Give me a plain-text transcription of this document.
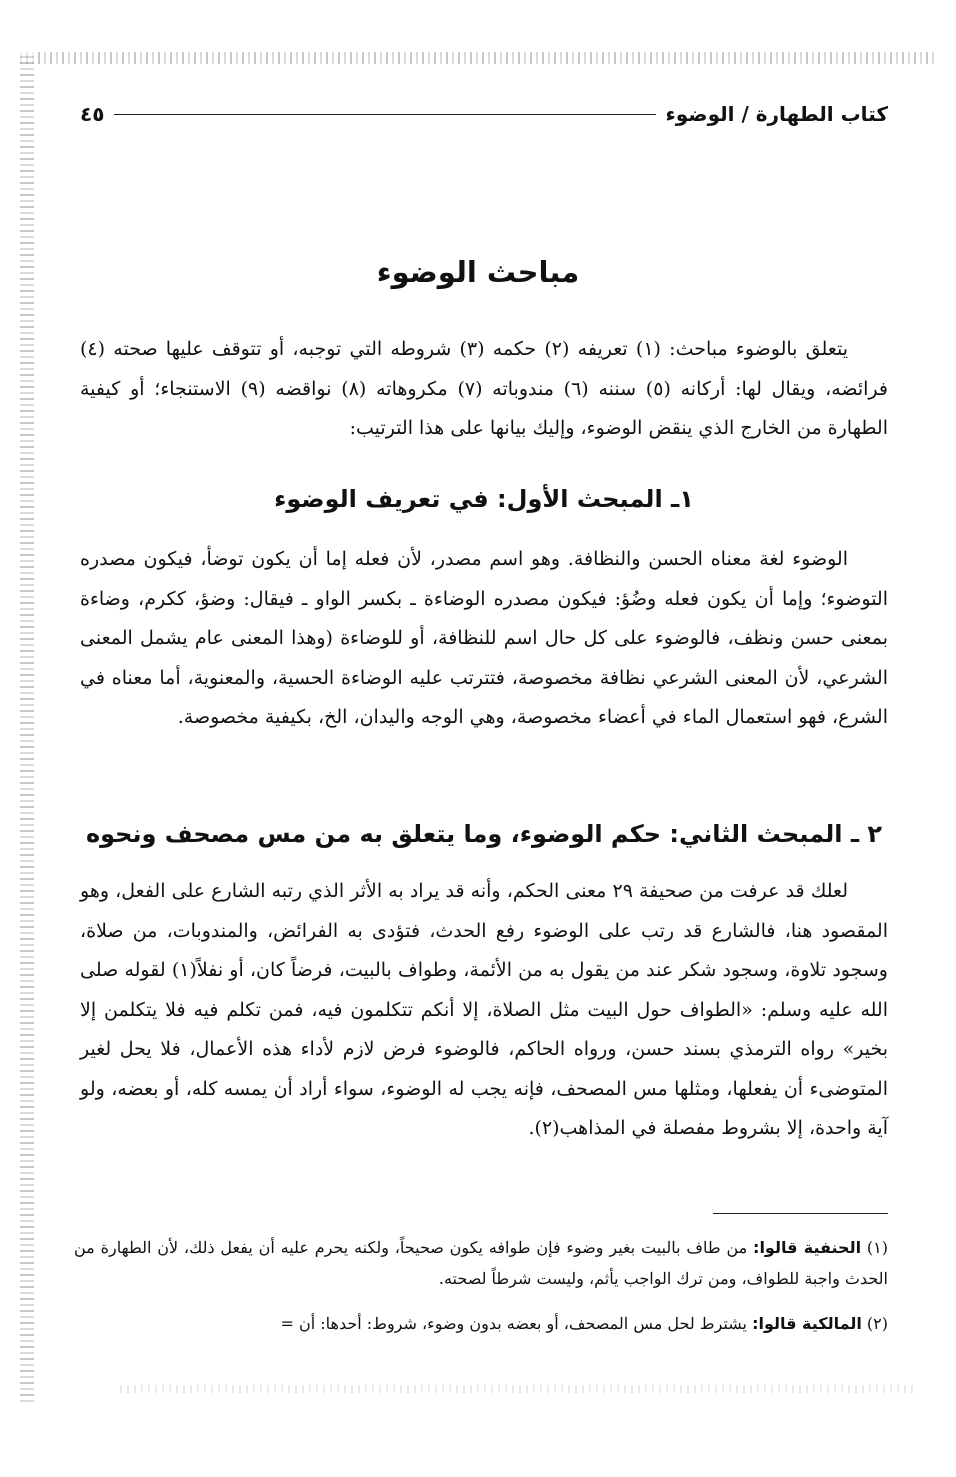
كتاب الطهارة / الوضوء
٤٥
مباحث الوضوء
يتعلق بالوضوء مباحث: (١) تعريفه (٢) حكمه (٣) شروطه التي توجبه، أو تتوقف عليها صحته (٤) فرائضه، ويقال لها: أركانه (٥) سننه (٦) مندوباته (٧) مكروهاته (٨) نواقضه (٩) الاستنجاء؛ أو كيفية الطهارة من الخارج الذي ينقض الوضوء، وإليك بيانها على هذا الترتيب:
١ـ المبحث الأول: في تعريف الوضوء
الوضوء لغة معناه الحسن والنظافة. وهو اسم مصدر، لأن فعله إما أن يكون توضأ، فيكون مصدره التوضوء؛ وإما أن يكون فعله وضُؤ: فيكون مصدره الوضاءة ـ بكسر الواو ـ فيقال: وضؤ، ككرم، وضاءة بمعنى حسن ونظف، فالوضوء على كل حال اسم للنظافة، أو للوضاءة (وهذا المعنى عام يشمل المعنى الشرعي، لأن المعنى الشرعي نظافة مخصوصة، فتترتب عليه الوضاءة الحسية، والمعنوية، أما معناه في الشرع، فهو استعمال الماء في أعضاء مخصوصة، وهي الوجه واليدان، الخ، بكيفية مخصوصة.
٢ ـ المبحث الثاني: حكم الوضوء، وما يتعلق به من مس مصحف ونحوه
لعلك قد عرفت من صحيفة ٢٩ معنى الحكم، وأنه قد يراد به الأثر الذي رتبه الشارع على الفعل، وهو المقصود هنا، فالشارع قد رتب على الوضوء رفع الحدث، فتؤدى به الفرائض، والمندوبات، من صلاة، وسجود تلاوة، وسجود شكر عند من يقول به من الأئمة، وطواف بالبيت، فرضاً كان، أو نفلاً(١) لقوله صلى الله عليه وسلم: «الطواف حول البيت مثل الصلاة، إلا أنكم تتكلمون فيه، فمن تكلم فيه فلا يتكلمن إلا بخير» رواه الترمذي بسند حسن، ورواه الحاكم، فالوضوء فرض لازم لأداء هذه الأعمال، فلا يحل لغير المتوضىء أن يفعلها، ومثلها مس المصحف، فإنه يجب له الوضوء، سواء أراد أن يمسه كله، أو بعضه، ولو آية واحدة، إلا بشروط مفصلة في المذاهب(٢).
(١) الحنفية قالوا: من طاف بالبيت بغير وضوء فإن طوافه يكون صحيحاً، ولكنه يحرم عليه أن يفعل ذلك، لأن الطهارة من الحدث واجبة للطواف، ومن ترك الواجب يأثم، وليست شرطاً لصحته.
(٢) المالكية قالوا: يشترط لحل مس المصحف، أو بعضه بدون وضوء، شروط: أحدها: أن =
